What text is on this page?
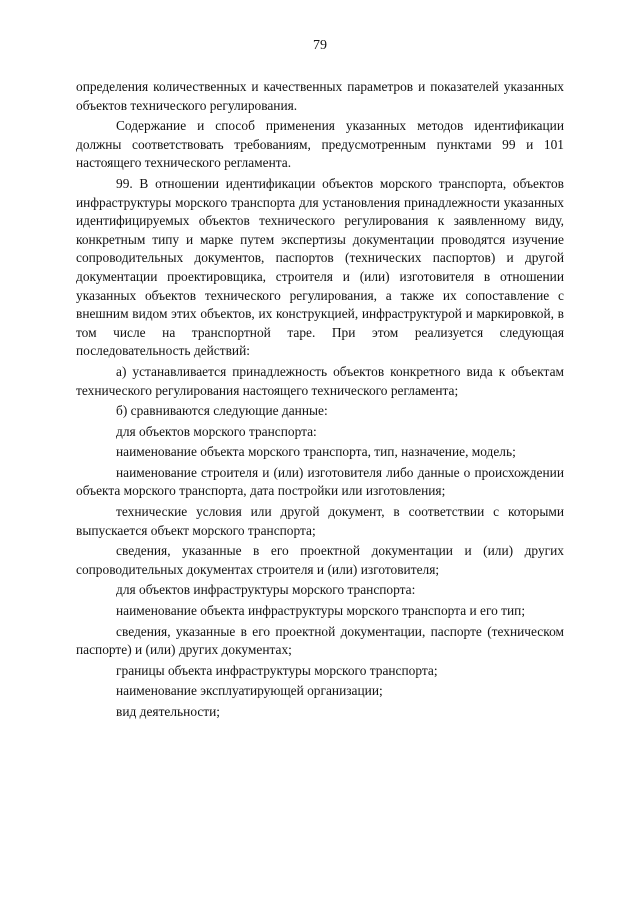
79

определения количественных и качественных параметров и показателей указанных объектов технического регулирования.

Содержание и способ применения указанных методов идентификации должны соответствовать требованиям, предусмотренным пунктами 99 и 101 настоящего технического регламента.

99. В отношении идентификации объектов морского транспорта, объектов инфраструктуры морского транспорта для установления принадлежности указанных идентифицируемых объектов технического регулирования к заявленному виду, конкретным типу и марке путем экспертизы документации проводятся изучение сопроводительных документов, паспортов (технических паспортов) и другой документации проектировщика, строителя и (или) изготовителя в отношении указанных объектов технического регулирования, а также их сопоставление с внешним видом этих объектов, их конструкцией, инфраструктурой и маркировкой, в том числе на транспортной таре. При этом реализуется следующая последовательность действий:

а) устанавливается принадлежность объектов конкретного вида к объектам технического регулирования настоящего технического регламента;

б) сравниваются следующие данные:

для объектов морского транспорта:

наименование объекта морского транспорта, тип, назначение, модель;

наименование строителя и (или) изготовителя либо данные о происхождении объекта морского транспорта, дата постройки или изготовления;

технические условия или другой документ, в соответствии с которыми выпускается объект морского транспорта;

сведения, указанные в его проектной документации и (или) других сопроводительных документах строителя и (или) изготовителя;

для объектов инфраструктуры морского транспорта:

наименование объекта инфраструктуры морского транспорта и его тип;

сведения, указанные в его проектной документации, паспорте (техническом паспорте) и (или) других документах;

границы объекта инфраструктуры морского транспорта;

наименование эксплуатирующей организации;

вид деятельности;
